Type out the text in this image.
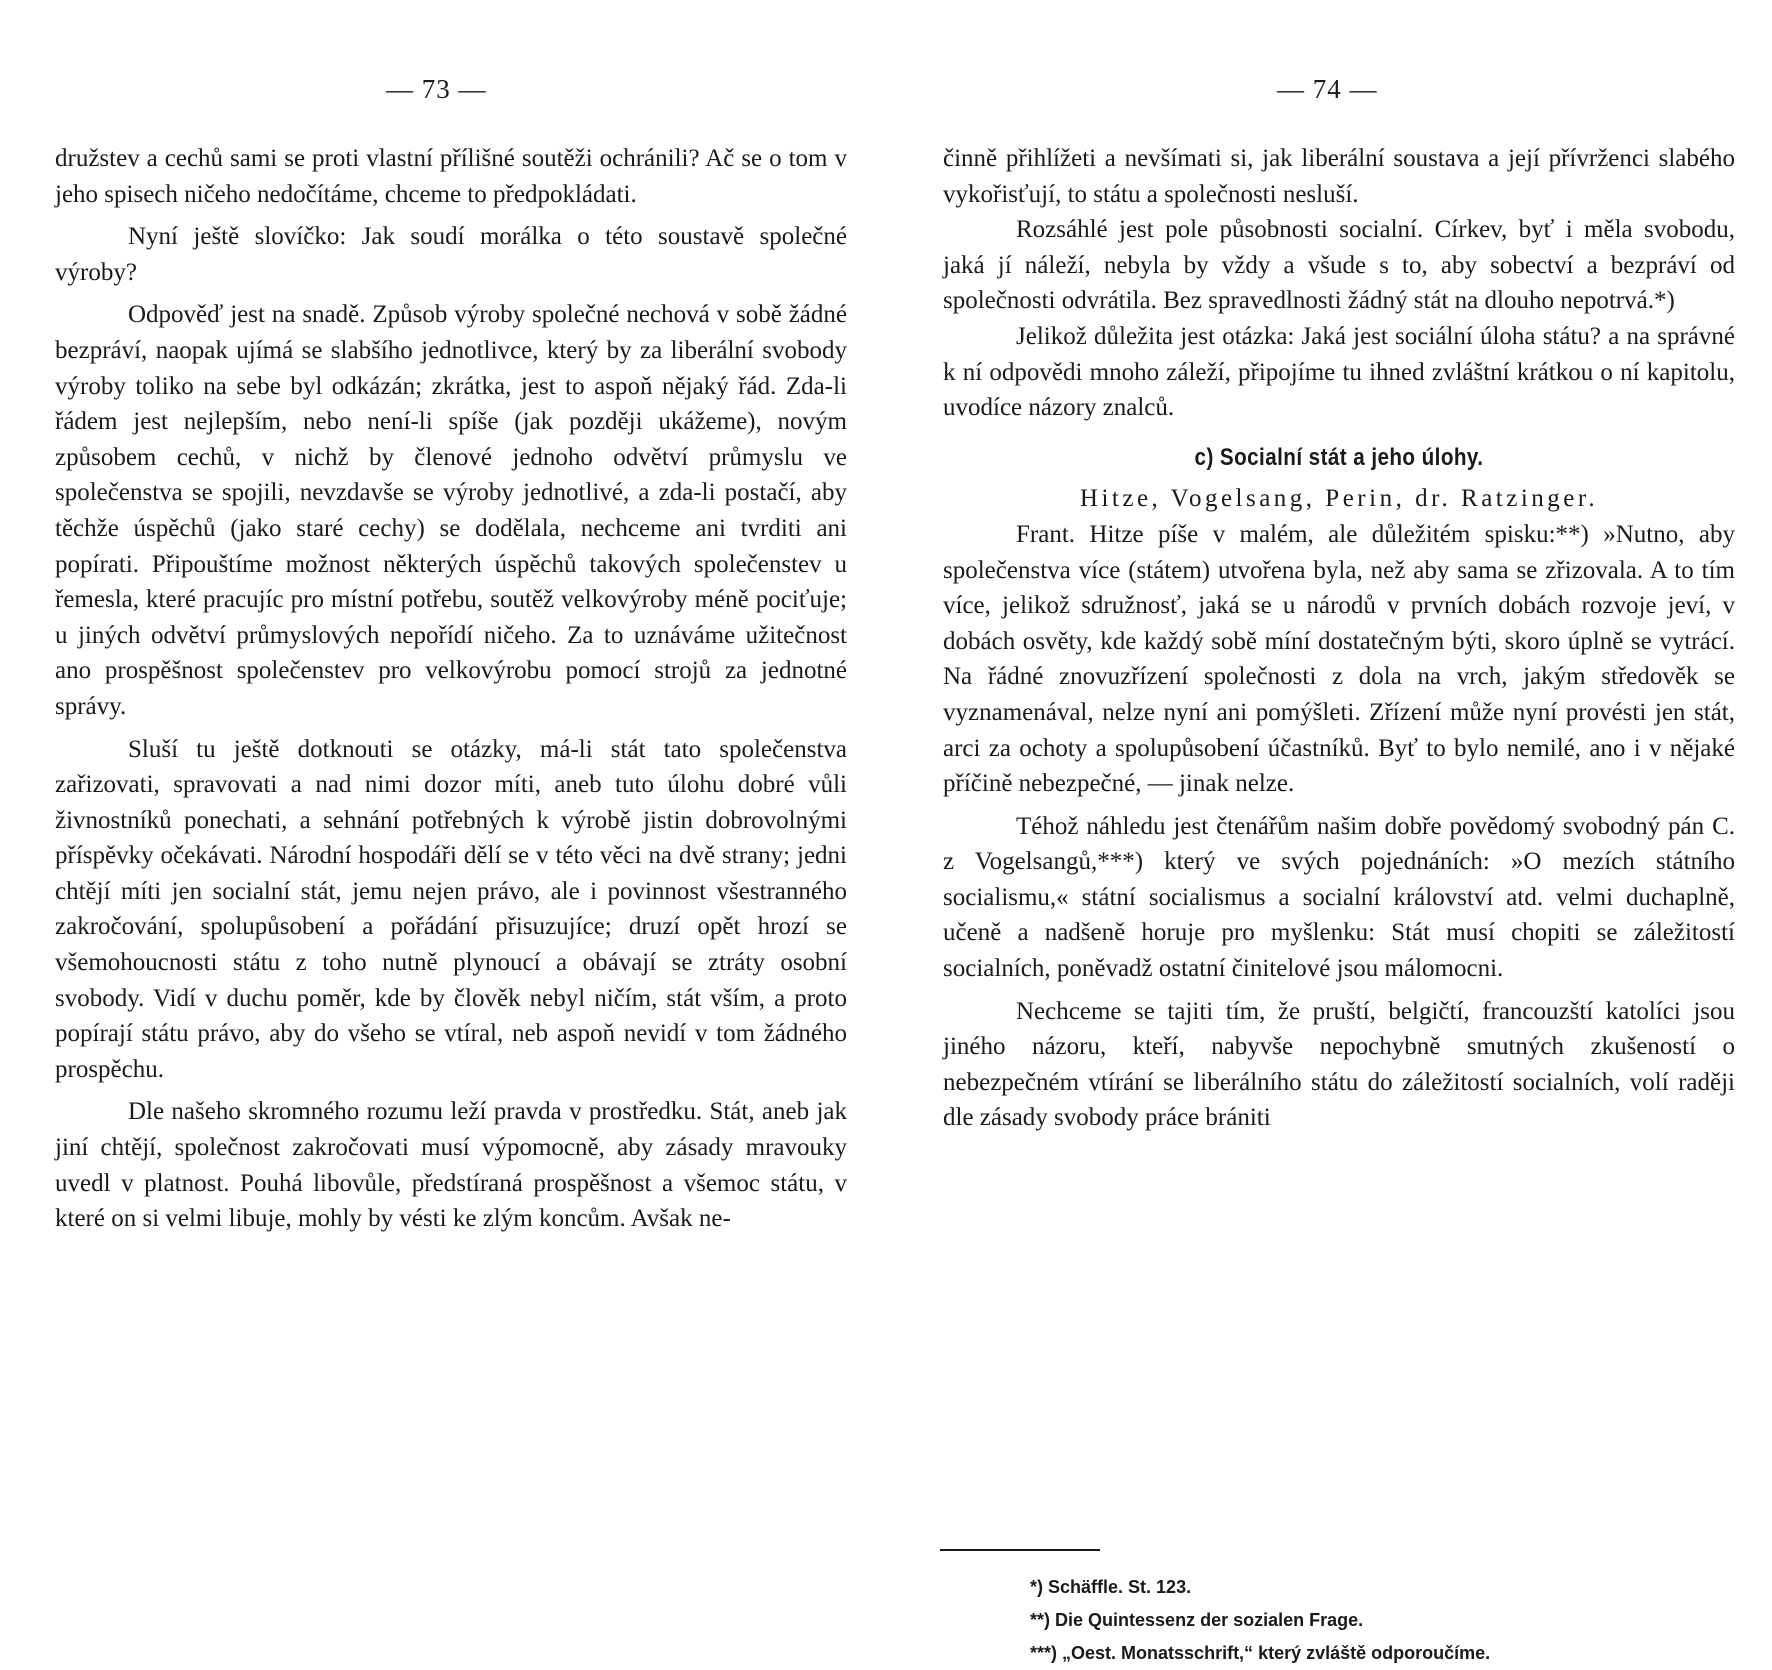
— 73 —

družstev a cechů sami se proti vlastní přílišné soutěži ochránili? Ač se o tom v jeho spisech ničeho nedočítáme, chceme to předpokládati.

Nyní ještě slovíčko: Jak soudí morálka o této soustavě společné výroby?

Odpověď jest na snadě. Způsob výroby společné nechová v sobě žádné bezpráví, naopak ujímá se slabšího jednotlivce, který by za liberální svobody výroby toliko na sebe byl odkázán; zkrátka, jest to aspoň nějaký řád. Zda-li řádem jest nejlepším, nebo není-li spíše (jak později ukážeme), novým způsobem cechů, v nichž by členové jednoho odvětví průmyslu ve společenstva se spojili, nevzdavše se výroby jednotlivé, a zda-li postačí, aby těchže úspěchů (jako staré cechy) se dodělala, nechceme ani tvrditi ani popírati. Připouštíme možnost některých úspěchů takových společenstev u řemesla, které pracujíc pro místní potřebu, soutěž velkovýroby méně pociťuje; u jiných odvětví průmyslových nepořídí ničeho. Za to uznáváme užitečnost ano prospěšnost společenstev pro velkovýrobu pomocí strojů za jednotné správy.

Sluší tu ještě dotknouti se otázky, má-li stát tato společenstva zařizovati, spravovati a nad nimi dozor míti, aneb tuto úlohu dobré vůli živnostníků ponechati, a sehnání potřebných k výrobě jistin dobrovolnými příspěvky očekávati. Národní hospodáři dělí se v této věci na dvě strany; jedni chtějí míti jen socialní stát, jemu nejen právo, ale i povinnost všestranného zakročování, spolupůsobení a pořádání přisuzujíce; druzí opět hrozí se všemohoucnosti státu z toho nutně plynoucí a obávají se ztráty osobní svobody. Vidí v duchu poměr, kde by člověk nebyl ničím, stát vším, a proto popírají státu právo, aby do všeho se vtíral, neb aspoň nevidí v tom žádného prospěchu.

Dle našeho skromného rozumu leží pravda v prostředku. Stát, aneb jak jiní chtějí, společnost zakročovati musí výpomocně, aby zásady mravouky uvedl v platnost. Pouhá libovůle, předstíraná prospěšnost a všemoc státu, v které on si velmi libuje, mohly by vésti ke zlým koncům. Avšak ne-

— 74 —

činně přihlížeti a nevšímati si, jak liberální soustava a její přívrženci slabého vykořisťují, to státu a společnosti nesluší.

Rozsáhlé jest pole působnosti socialní. Církev, byť i měla svobodu, jaká jí náleží, nebyla by vždy a všude s to, aby sobectví a bezpráví od společnosti odvrátila. Bez spravedlnosti žádný stát na dlouho nepotrvá.*)

Jelikož důležita jest otázka: Jaká jest sociální úloha státu? a na správné k ní odpovědi mnoho záleží, připojíme tu ihned zvláštní krátkou o ní kapitolu, uvodíce názory znalců.

c) Socialní stát a jeho úlohy.

Hitze, Vogelsang, Perin, dr. Ratzinger.

Frant. Hitze píše v malém, ale důležitém spisku:**) »Nutno, aby společenstva více (státem) utvořena byla, než aby sama se zřizovala. A to tím více, jelikož sdružnosť, jaká se u národů v prvních dobách rozvoje jeví, v dobách osvěty, kde každý sobě míní dostatečným býti, skoro úplně se vytrácí. Na řádné znovuzřízení společnosti z dola na vrch, jakým středověk se vyznamenával, nelze nyní ani pomýšleti. Zřízení může nyní provésti jen stát, arci za ochoty a spolupůsobení účastníků. Byť to bylo nemilé, ano i v nějaké příčině nebezpečné, — jinak nelze.

Téhož náhledu jest čtenářům našim dobře povědomý svobodný pán C. z Vogelsangů,***) který ve svých pojednáních: »O mezích státního socialismu,« státní socialismus a socialní království atd. velmi duchaplně, učeně a nadšeně horuje pro myšlenku: Stát musí chopiti se záležitostí socialních, poněvadž ostatní činitelové jsou málomocni.

Nechceme se tajiti tím, že pruští, belgičtí, francouzští katolíci jsou jiného názoru, kteří, nabyvše nepochybně smutných zkušeností o nebezpečném vtírání se liberálního státu do záležitostí socialních, volí raději dle zásady svobody práce brániti

*) Schäffle. St. 123.

**) Die Quintessenz der sozialen Frage.

***) „Oest. Monatsschrift,“ který zvláště odporoučíme.
